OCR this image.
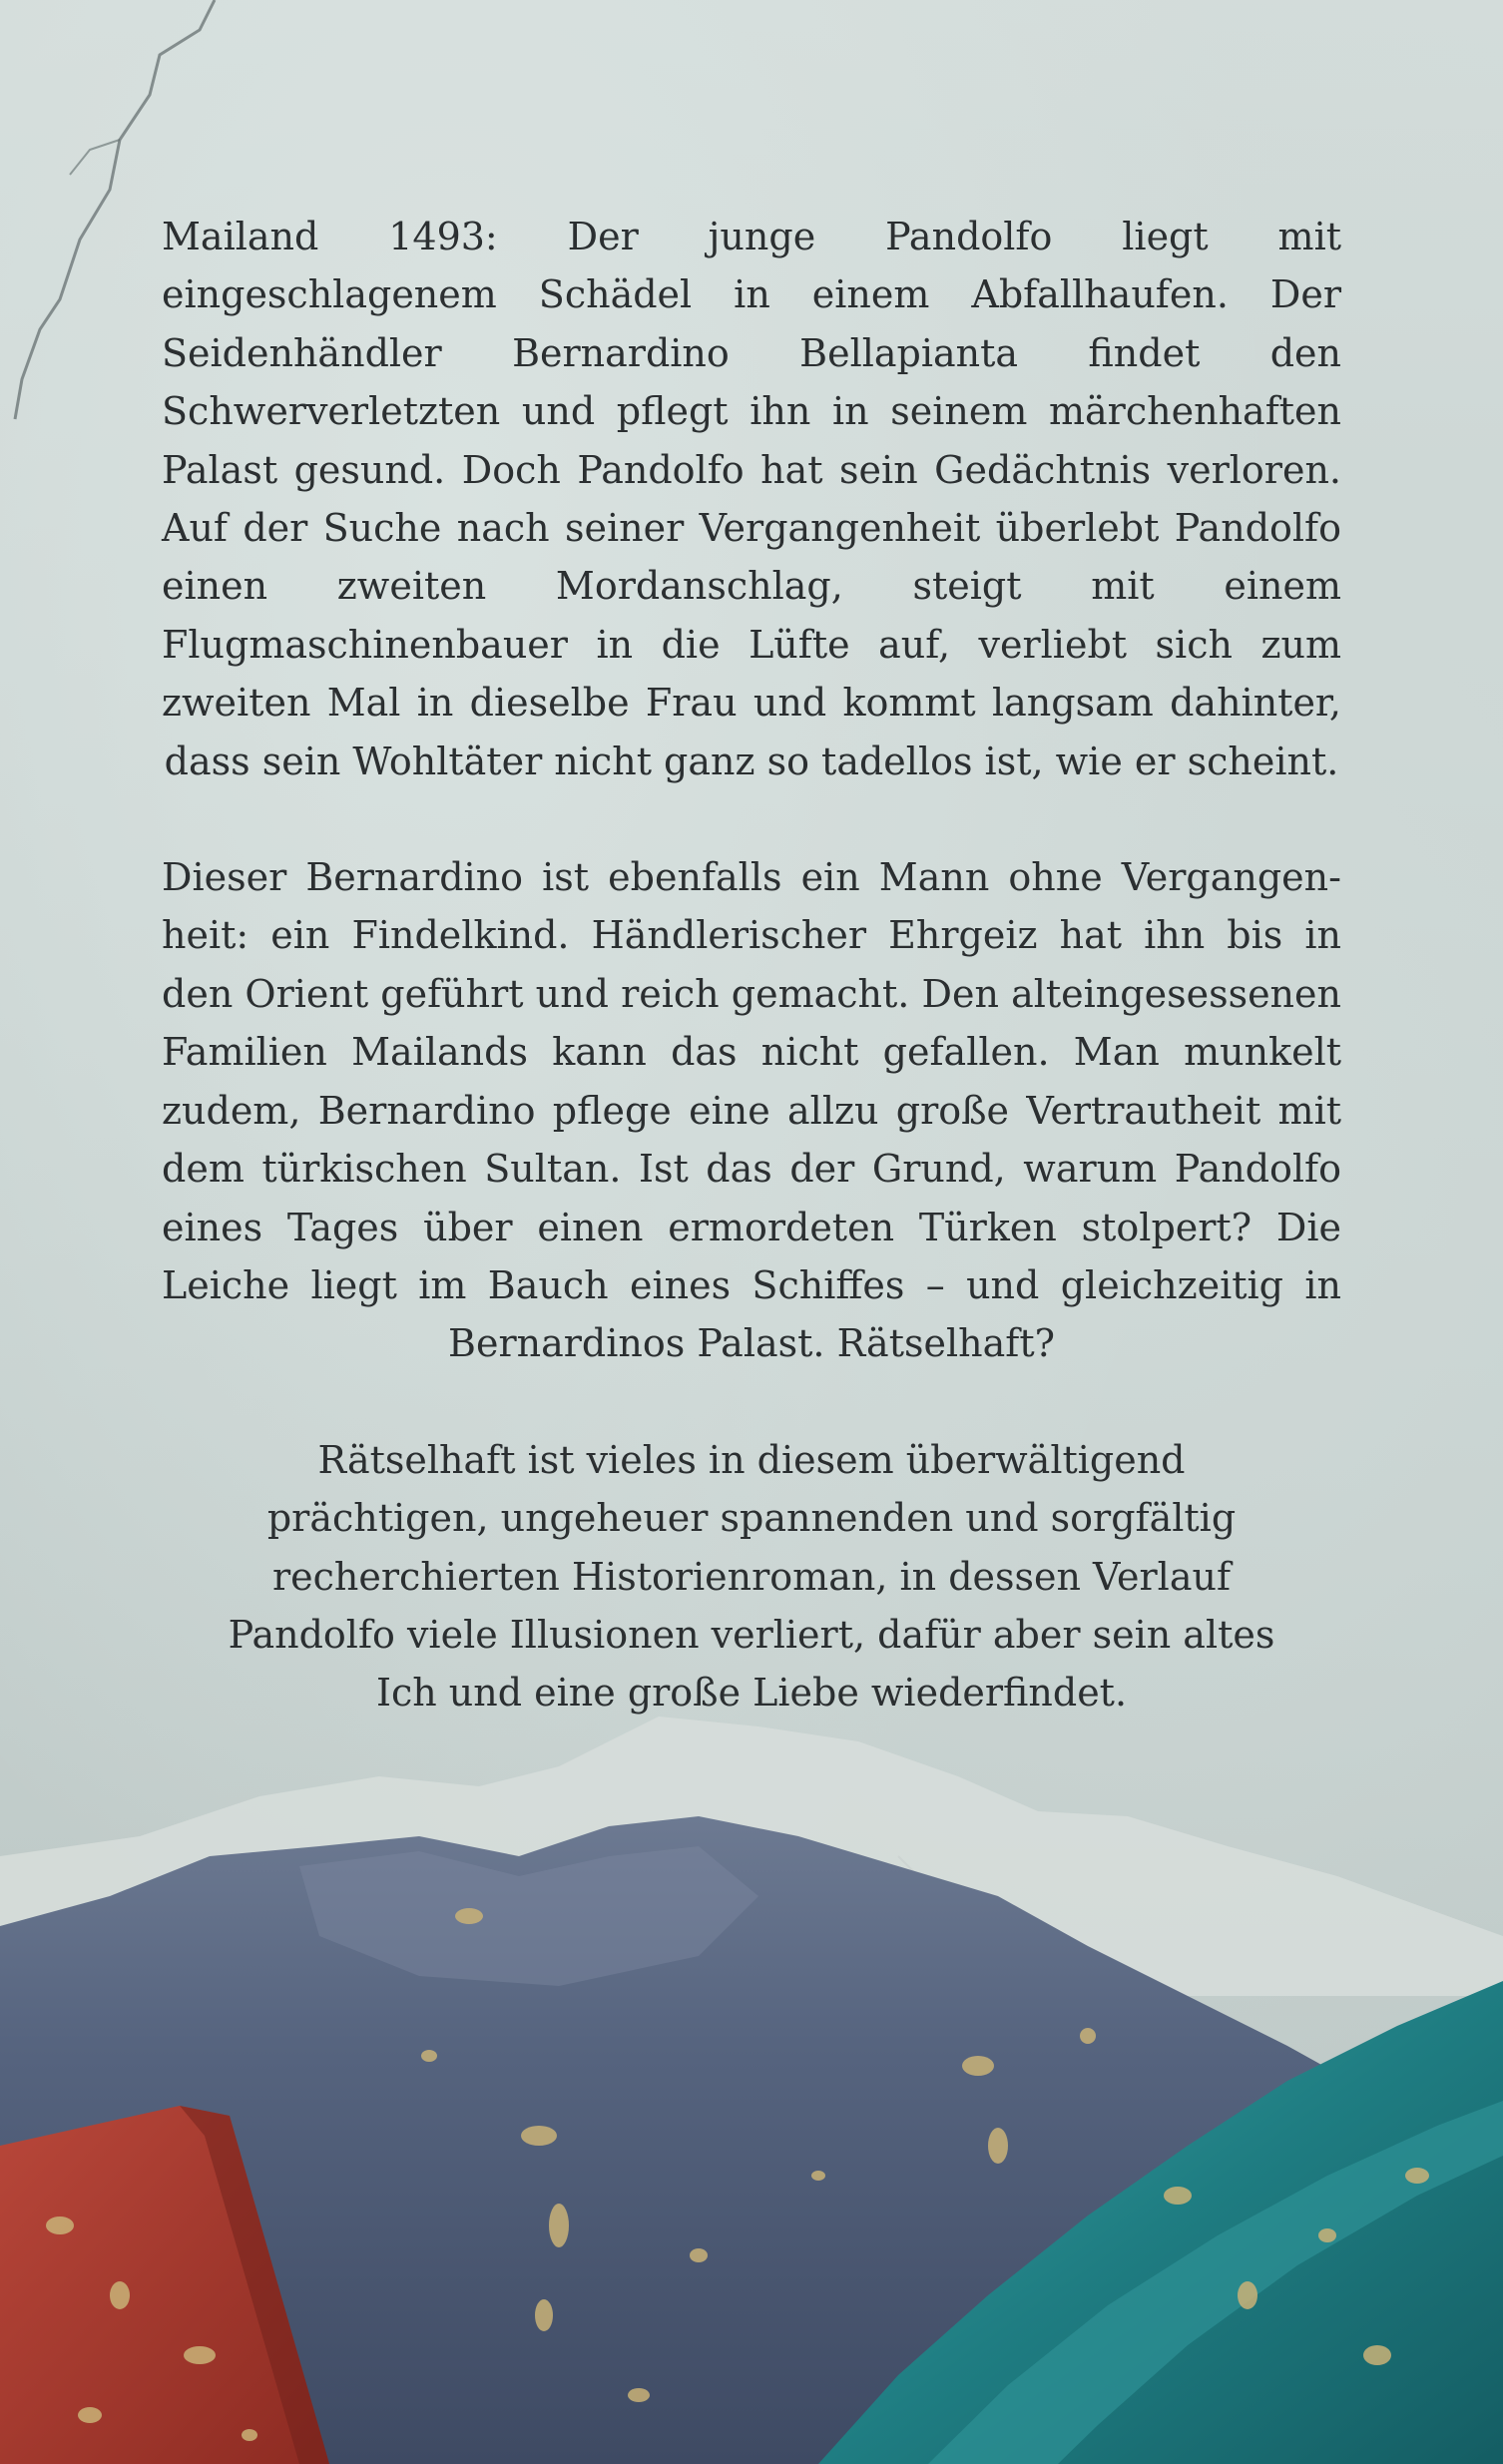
Mailand 1493: Der junge Pandolfo liegt mit eingeschlagenem Schädel in einem Abfallhaufen. Der Seidenhändler Bernardino Bellapianta findet den Schwerverletzten und pflegt ihn in seinem märchenhaften Palast gesund. Doch Pandolfo hat sein Gedächtnis verloren. Auf der Suche nach seiner Vergangenheit überlebt Pandolfo einen zweiten Mordanschlag, steigt mit einem Flugmaschinenbauer in die Lüfte auf, verliebt sich zum zweiten Mal in dieselbe Frau und kommt langsam dahinter, dass sein Wohltäter nicht ganz so tadellos ist, wie er scheint.

Dieser Bernardino ist ebenfalls ein Mann ohne Vergangenheit: ein Findelkind. Händlerischer Ehrgeiz hat ihn bis in den Orient geführt und reich gemacht. Den alteingesessenen Familien Mailands kann das nicht gefallen. Man munkelt zudem, Bernardino pflege eine allzu große Vertrautheit mit dem türkischen Sultan. Ist das der Grund, warum Pandolfo eines Tages über einen ermordeten Türken stolpert? Die Leiche liegt im Bauch eines Schiffes – und gleichzeitig in Bernardinos Palast. Rätselhaft?

Rätselhaft ist vieles in diesem überwältigend prächtigen, ungeheuer spannenden und sorgfältig recherchierten Historienroman, in dessen Verlauf Pandolfo viele Illusionen verliert, dafür aber sein altes Ich und eine große Liebe wiederfindet.
